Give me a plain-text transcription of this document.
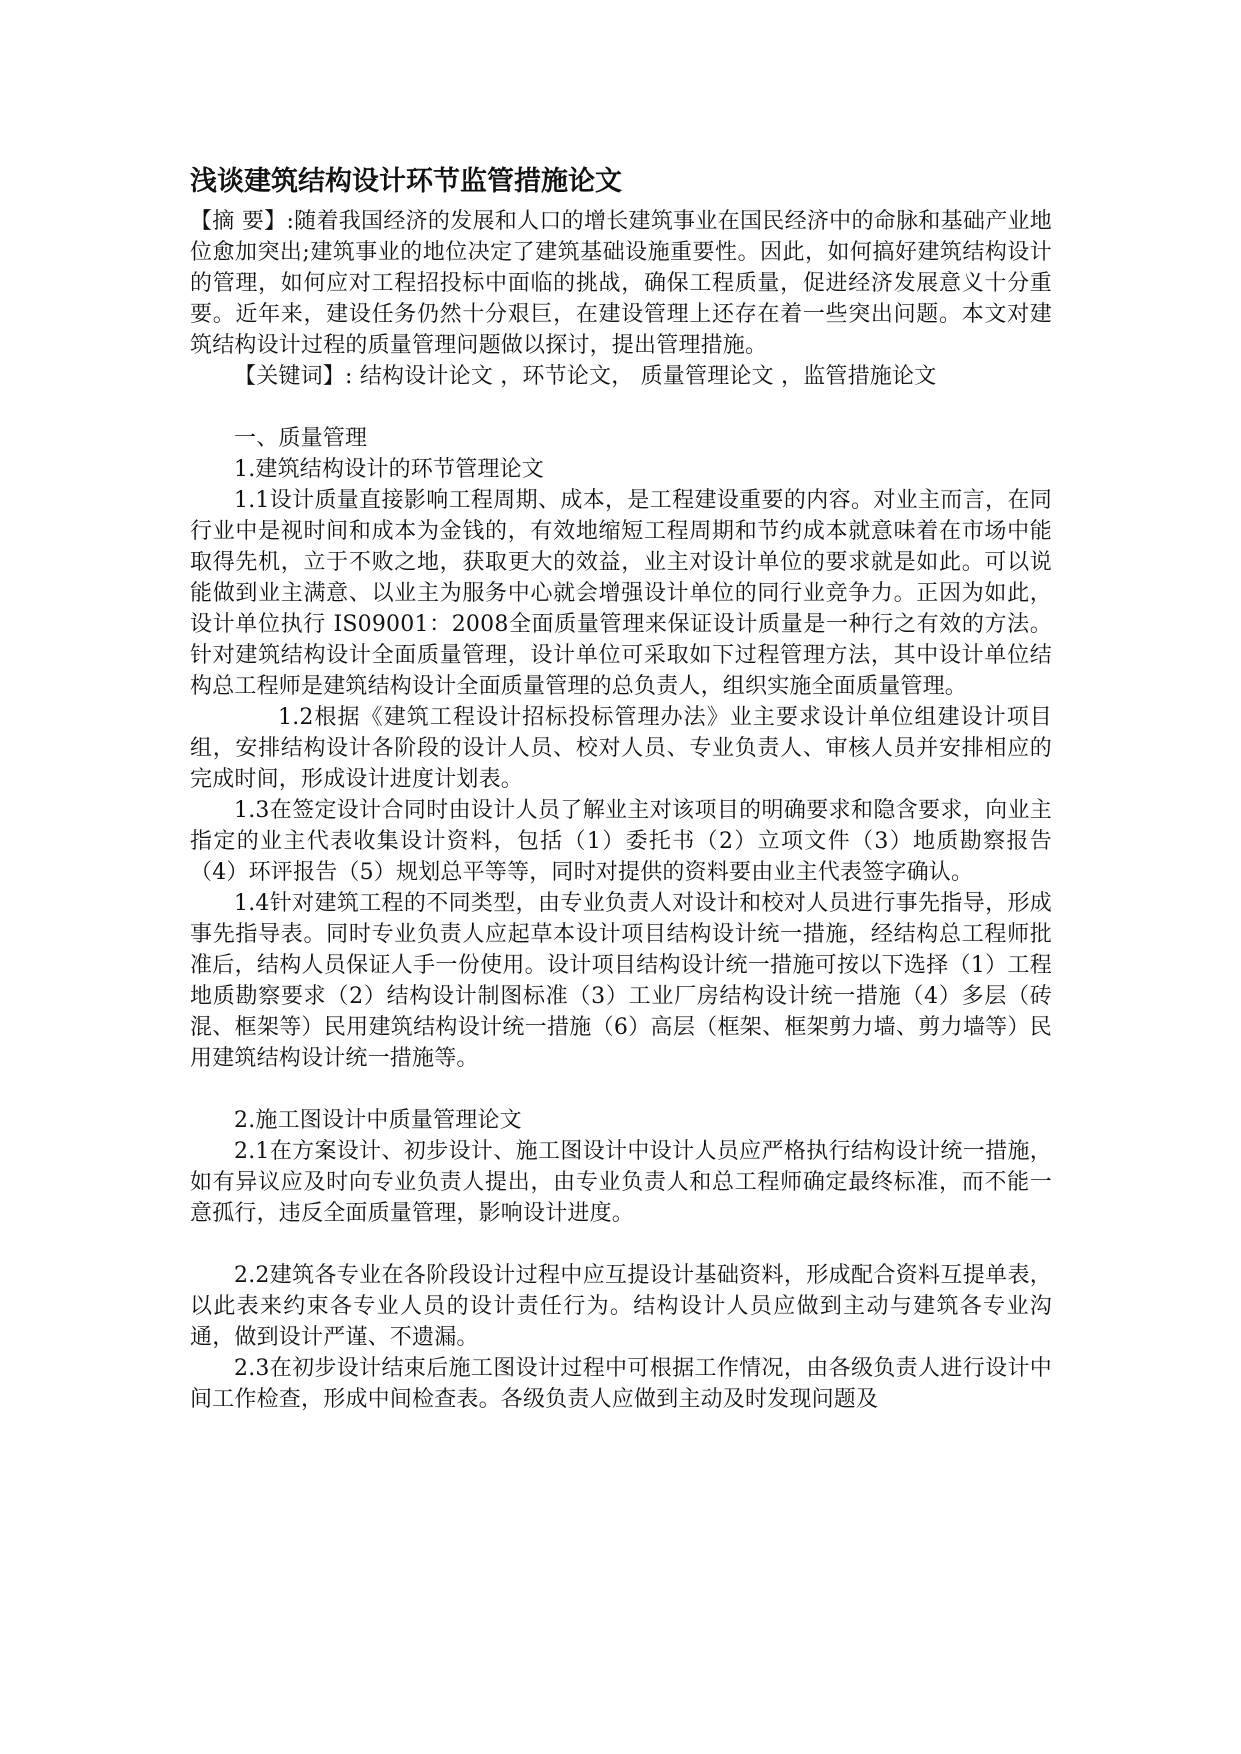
浅谈建筑结构设计环节监管措施论文

【摘 要】:随着我国经济的发展和人口的增长建筑事业在国民经济中的命脉和基础产业地位愈加突出;建筑事业的地位决定了建筑基础设施重要性。因此，如何搞好建筑结构设计的管理，如何应对工程招投标中面临的挑战，确保工程质量，促进经济发展意义十分重要。近年来，建设任务仍然十分艰巨，在建设管理上还存在着一些突出问题。本文对建筑结构设计过程的质量管理问题做以探讨，提出管理措施。

【关键词】: 结构设计论文 ，环节论文， 质量管理论文 ，监管措施论文

一、质量管理

1.建筑结构设计的环节管理论文

1.1设计质量直接影响工程周期、成本，是工程建设重要的内容。对业主而言，在同行业中是视时间和成本为金钱的，有效地缩短工程周期和节约成本就意味着在市场中能取得先机，立于不败之地，获取更大的效益，业主对设计单位的要求就是如此。可以说能做到业主满意、以业主为服务中心就会增强设计单位的同行业竞争力。正因为如此，设计单位执行 IS09001：2008全面质量管理来保证设计质量是一种行之有效的方法。针对建筑结构设计全面质量管理，设计单位可采取如下过程管理方法，其中设计单位结构总工程师是建筑结构设计全面质量管理的总负责人，组织实施全面质量管理。

1.2根据《建筑工程设计招标投标管理办法》业主要求设计单位组建设计项目组，安排结构设计各阶段的设计人员、校对人员、专业负责人、审核人员并安排相应的完成时间，形成设计进度计划表。

1.3在签定设计合同时由设计人员了解业主对该项目的明确要求和隐含要求，向业主指定的业主代表收集设计资料，包括（1）委托书（2）立项文件（3）地质勘察报告（4）环评报告（5）规划总平等等，同时对提供的资料要由业主代表签字确认。

1.4针对建筑工程的不同类型，由专业负责人对设计和校对人员进行事先指导，形成事先指导表。同时专业负责人应起草本设计项目结构设计统一措施，经结构总工程师批准后，结构人员保证人手一份使用。设计项目结构设计统一措施可按以下选择（1）工程地质勘察要求（2）结构设计制图标准（3）工业厂房结构设计统一措施（4）多层（砖混、框架等）民用建筑结构设计统一措施（6）高层（框架、框架剪力墙、剪力墙等）民用建筑结构设计统一措施等。

2.施工图设计中质量管理论文

2.1在方案设计、初步设计、施工图设计中设计人员应严格执行结构设计统一措施，如有异议应及时向专业负责人提出，由专业负责人和总工程师确定最终标准，而不能一意孤行，违反全面质量管理，影响设计进度。

2.2建筑各专业在各阶段设计过程中应互提设计基础资料，形成配合资料互提单表，以此表来约束各专业人员的设计责任行为。结构设计人员应做到主动与建筑各专业沟通，做到设计严谨、不遗漏。

2.3在初步设计结束后施工图设计过程中可根据工作情况，由各级负责人进行设计中间工作检查，形成中间检查表。各级负责人应做到主动及时发现问题及
